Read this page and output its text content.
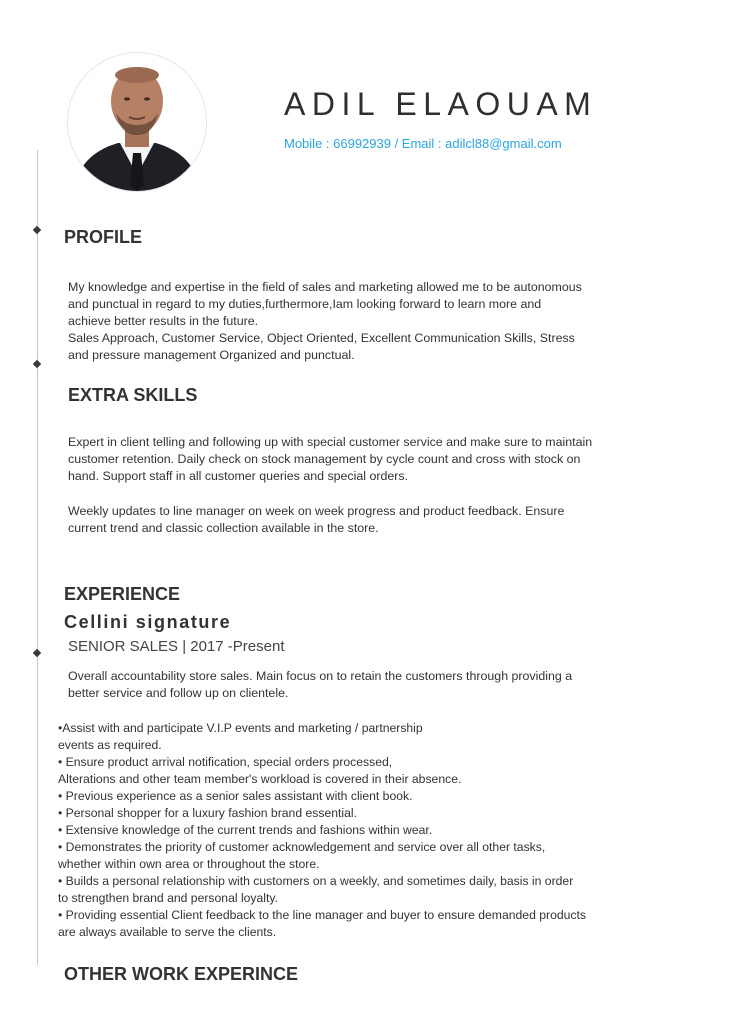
ADIL ELAOUAM
Mobile : 66992939 / Email : adilcl88@gmail.com
PROFILE
My knowledge and expertise in the field of sales and marketing allowed me to be autonomous
and punctual in regard to my duties,furthermore,Iam looking forward to learn more and
achieve better results in the future.
Sales Approach, Customer Service, Object Oriented, Excellent Communication Skills, Stress
and pressure management Organized and punctual.
EXTRA SKILLS
Expert in client telling and following up with special customer service and make sure to maintain
customer retention. Daily check on stock management by cycle count and cross with stock on
hand. Support staff in all customer queries and special orders.
Weekly updates to line manager on week on week progress and product feedback. Ensure
current trend and classic collection available in the store.
EXPERIENCE
Cellini signature
SENIOR SALES | 2017 -Present
Overall accountability store sales. Main focus on to retain the customers through providing a
better service and follow up on clientele.
•Assist with and participate V.I.P events and marketing / partnership
events as required.
• Ensure product arrival notification, special orders processed,
Alterations and other team member's workload is covered in their absence.
• Previous experience as a senior sales assistant with client book.
• Personal shopper for a luxury fashion brand essential.
• Extensive knowledge of the current trends and fashions within wear.
• Demonstrates the priority of customer acknowledgement and service over all other tasks,
whether within own area or throughout the store.
• Builds a personal relationship with customers on a weekly, and sometimes daily, basis in order
to strengthen brand and personal loyalty.
• Providing essential Client feedback to the line manager and buyer to ensure demanded products
are always available to serve the clients.
OTHER WORK EXPERINCE
